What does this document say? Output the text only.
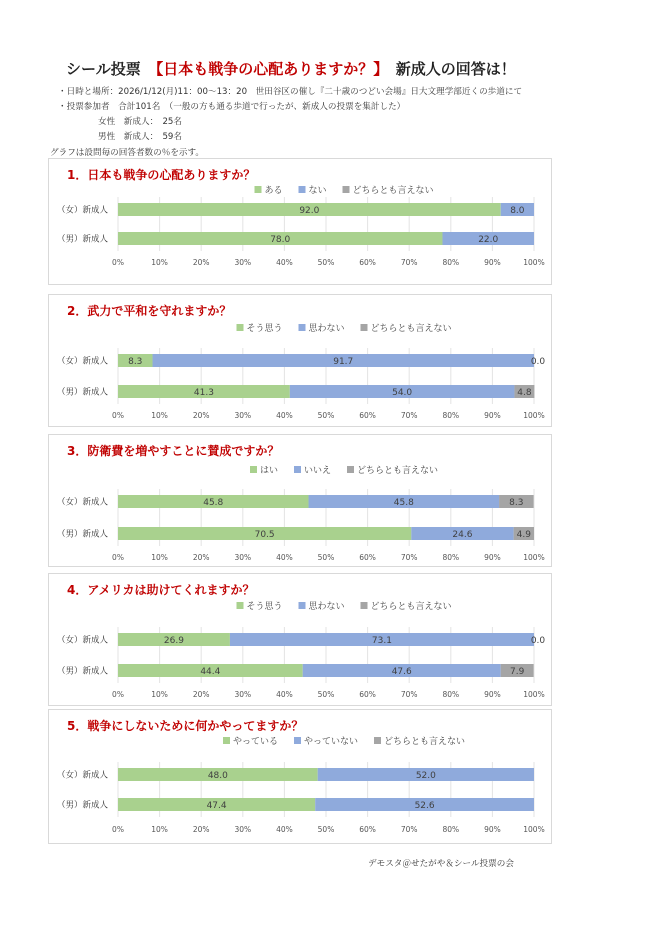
シール投票　 【日本も戦争の心配ありますか？】　 新成人の回答は！
・日時と場所：2026/1/12(月)11：00〜13：20　世田谷区の催し『二十歳のつどい会場』日大文理学部近くの歩道にて
・投票参加者　合計101名　（一般の方も通る歩道で行ったが、新成人の投票を集計した）
女性　新成人：　25名
男性　新成人：　59名
グラフは設問毎の回答者数の％を示す。
1．日本も戦争の心配ありますか？
0%	10%	20%	30%	40%	50%	60%	70%	80%	90%	100%
ある	ない	どちらとも言えない
（女）新成人	92.0	8.0
（男）新成人	78.0	22.0
2．武力で平和を守れますか？
0%	10%	20%	30%	40%	50%	60%	70%	80%	90%	100%
そう思う	思わない	どちらとも言えない
（女）新成人 8.3	91.7	0.0
（男）新成人	41.3	54.0	4.8
3．防衛費を増やすことに賛成ですか？
0%	10%	20%	30%	40%	50%	60%	70%	80%	90%	100%
はい	いいえ	どちらとも言えない
（女）新成人	45.8	45.8	8.3
（男）新成人	70.5	24.6	4.9
4．アメリカは助けてくれますか？
0%	10%	20%	30%	40%	50%	60%	70%	80%	90%	100%
そう思う	思わない	どちらとも言えない
（女）新成人	26.9	73.1	0.0
（男）新成人	44.4	47.6	7.9
5．戦争にしないために何かやってますか？
0%	10%	20%	30%	40%	50%	60%	70%	80%	90%	100%
やっている	やっていない	どちらとも言えない
（女）新成人	48.0	52.0
（男）新成人	47.4	52.6
デモスタ＠せたがや＆シール投票の会
